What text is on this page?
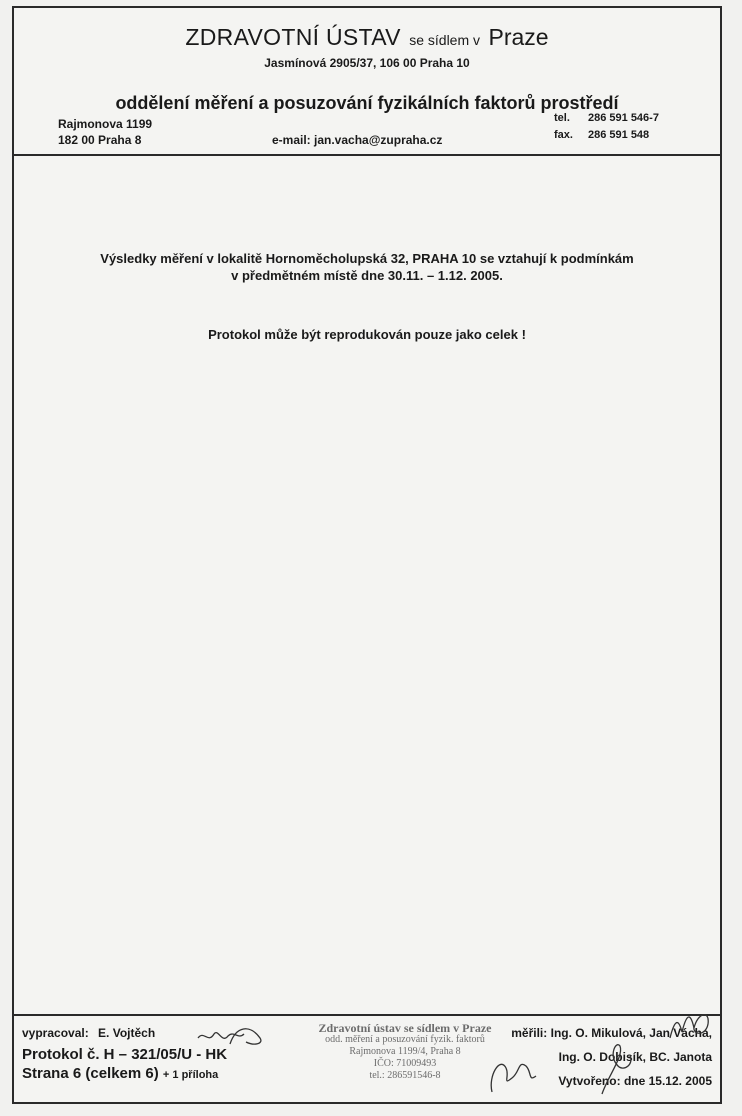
ZDRAVOTNÍ ÚSTAV se sídlem v Praze
Jasmínová 2905/37, 106 00 Praha 10
oddělení měření a posuzování fyzikálních faktorů prostředí
Rajmonova 1199
182 00 Praha 8	e-mail: jan.vacha@zupraha.cz
tel. 286 591 546-7
fax. 286 591 548
Výsledky měření v lokalitě Hornoměcholupská 32, PRAHA 10 se vztahují k podmínkám
v předmětném místě dne 30.11. – 1.12. 2005.
Protokol může být reprodukován pouze jako celek !
vypracoval: E. Vojtěch
Protokol č. H – 321/05/U - HK
Strana 6 (celkem 6) + 1 příloha
Zdravotní ústav se sídlem v Praze
odd. měření a posuzování fyzik. faktorů
Rajmonova 1199/4, Praha 8
IČO: 71009493
tel.: 286591546-8
měřili: Ing. O. Mikulová, Jan Vácha,
Ing. O. Dobisík, BC. Janota
Vytvořeno: dne 15.12. 2005
